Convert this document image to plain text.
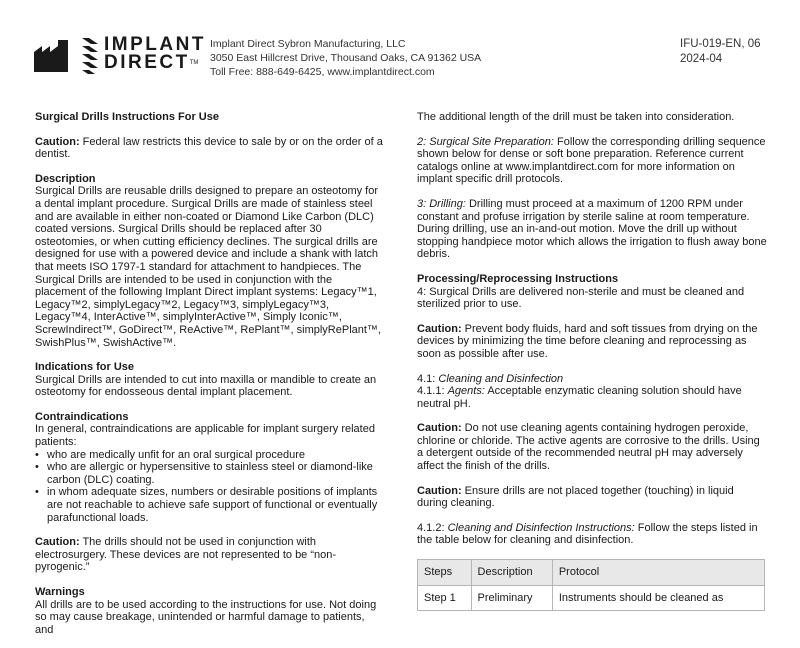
IMPLANT
DIRECT™
Implant Direct Sybron Manufacturing, LLC
3050 East Hillcrest Drive, Thousand Oaks, CA 91362 USA
Toll Free: 888-649-6425, www.implantdirect.com
IFU-019-EN, 06
2024-04
Surgical Drills Instructions For Use

Caution: Federal law restricts this device to sale by or on the order of a dentist.

Description

Surgical Drills are reusable drills designed to prepare an osteotomy for a dental implant procedure. Surgical Drills are made of stainless steel and are available in either non-coated or Diamond Like Carbon (DLC) coated versions. Surgical Drills should be replaced after 30 osteotomies, or when cutting efficiency declines. The surgical drills are designed for use with a powered device and include a shank with latch that meets ISO 1797-1 standard for attachment to handpieces. The Surgical Drills are intended to be used in conjunction with the placement of the following Implant Direct implant systems: Legacy™1, Legacy™2, simplyLegacy™2, Legacy™3, simplyLegacy™3, Legacy™4, InterActive™, simplyInterActive™, Simply Iconic™, ScrewIndirect™, GoDirect™, ReActive™, RePlant™, simplyRePlant™, SwishPlus™, SwishActive™.

Indications for Use

Surgical Drills are intended to cut into maxilla or mandible to create an osteotomy for endosseous dental implant placement.

Contraindications
In general, contraindications are applicable for implant surgery related patients:
• who are medically unfit for an oral surgical procedure
• who are allergic or hypersensitive to stainless steel or diamond-like carbon (DLC) coating.
• in whom adequate sizes, numbers or desirable positions of implants are not reachable to achieve safe support of functional or eventually parafunctional loads.

Caution: The drills should not be used in conjunction with electrosurgery. These devices are not represented to be “non-pyrogenic.”

Warnings

All drills are to be used according to the instructions for use. Not doing so may cause breakage, unintended or harmful damage to patients, and

The additional length of the drill must be taken into consideration.

2: Surgical Site Preparation: Follow the corresponding drilling sequence shown below for dense or soft bone preparation. Reference current catalogs online at www.implantdirect.com for more information on implant specific drill protocols.

3: Drilling: Drilling must proceed at a maximum of 1200 RPM under constant and profuse irrigation by sterile saline at room temperature. During drilling, use an in-and-out motion. Move the drill up without stopping handpiece motor which allows the irrigation to flush away bone debris.

Processing/Reprocessing Instructions

4: Surgical Drills are delivered non-sterile and must be cleaned and sterilized prior to use.

Caution: Prevent body fluids, hard and soft tissues from drying on the devices by minimizing the time before cleaning and reprocessing as soon as possible after use.

4.1: Cleaning and Disinfection
4.1.1: Agents: Acceptable enzymatic cleaning solution should have neutral pH.

Caution: Do not use cleaning agents containing hydrogen peroxide, chlorine or chloride. The active agents are corrosive to the drills. Using a detergent outside of the recommended neutral pH may adversely affect the finish of the drills.

Caution: Ensure drills are not placed together (touching) in liquid during cleaning.

4.1.2: Cleaning and Disinfection Instructions: Follow the steps listed in the table below for cleaning and disinfection.

Steps	Description	Protocol
Step 1	Preliminary	Instruments should be cleaned as
